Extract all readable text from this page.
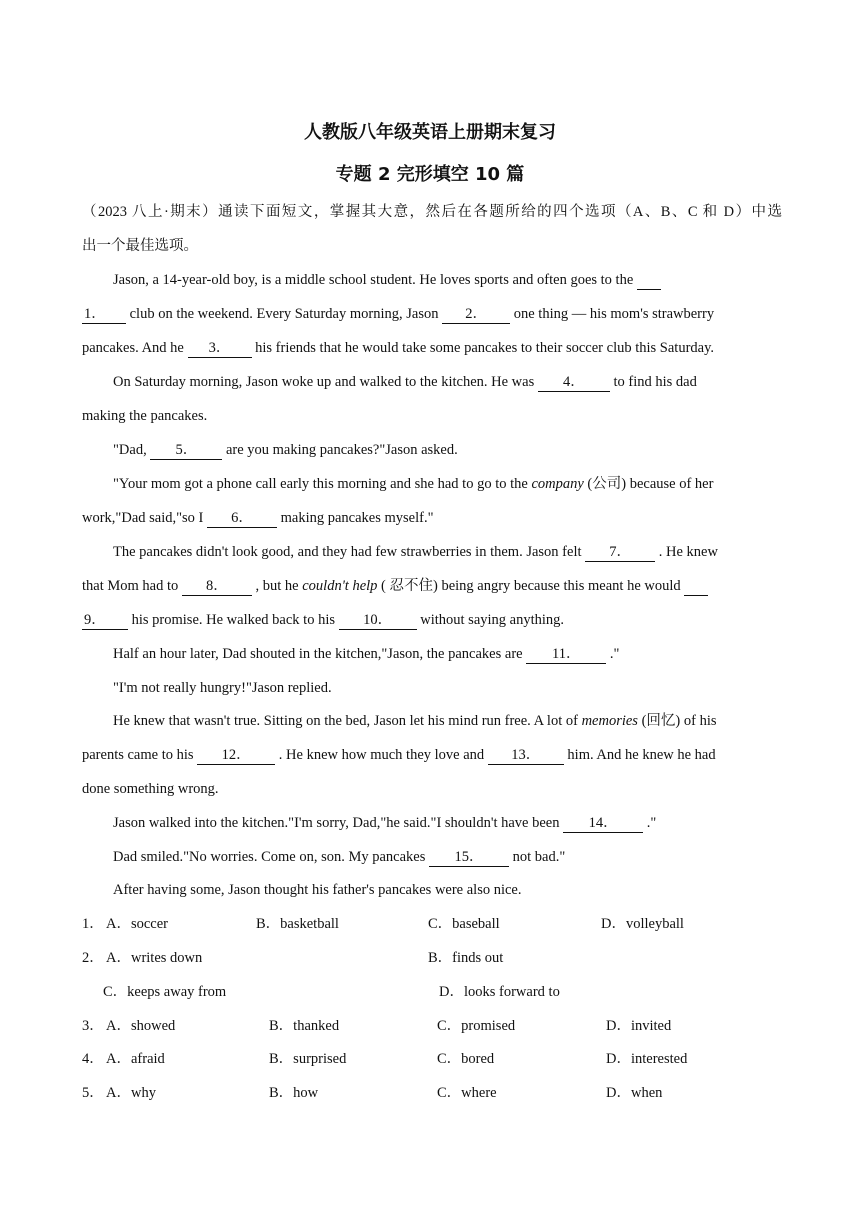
人教版八年级英语上册期末复习
专题 2 完形填空 10 篇
（2023 八上·期末）通读下面短文，掌握其大意，然后在各题所给的四个选项（A、B、C 和 D）中选
出一个最佳选项。
Jason, a 14-year-old boy, is a middle school student. He loves sports and often goes to the
1． club on the weekend. Every Saturday morning, Jason 2． one thing — his mom's strawberry
pancakes. And he 3． his friends that he would take some pancakes to their soccer club this Saturday.
On Saturday morning, Jason woke up and walked to the kitchen. He was 4． to find his dad
making the pancakes.
"Dad, 5． are you making pancakes?"Jason asked.
"Your mom got a phone call early this morning and she had to go to the company (公司) because of her
work,"Dad said,"so I 6． making pancakes myself."
The pancakes didn't look good, and they had few strawberries in them. Jason felt 7． . He knew
that Mom had to 8． , but he couldn't help ( 忍不住) being angry because this meant he would
9． his promise. He walked back to his 10． without saying anything.
Half an hour later, Dad shouted in the kitchen,"Jason, the pancakes are 11． ."
"I'm not really hungry!"Jason replied.
He knew that wasn't true. Sitting on the bed, Jason let his mind run free. A lot of memories (回忆) of his
parents came to his 12． . He knew how much they love and 13． him. And he knew he had
done something wrong.
Jason walked into the kitchen."I'm sorry, Dad,"he said."I shouldn't have been 14． ."
Dad smiled."No worries. Come on, son. My pancakes 15． not bad."
After having some, Jason thought his father's pancakes were also nice.
1． A．soccer	B．basketball	C．baseball	D．volleyball
2． A．writes down	B．finds out
C．keeps away from	D．looks forward to
3． A．showed	B．thanked	C．promised	D．invited
4． A．afraid	B．surprised	C．bored	D．interested
5． A．why	B．how	C．where	D．when
